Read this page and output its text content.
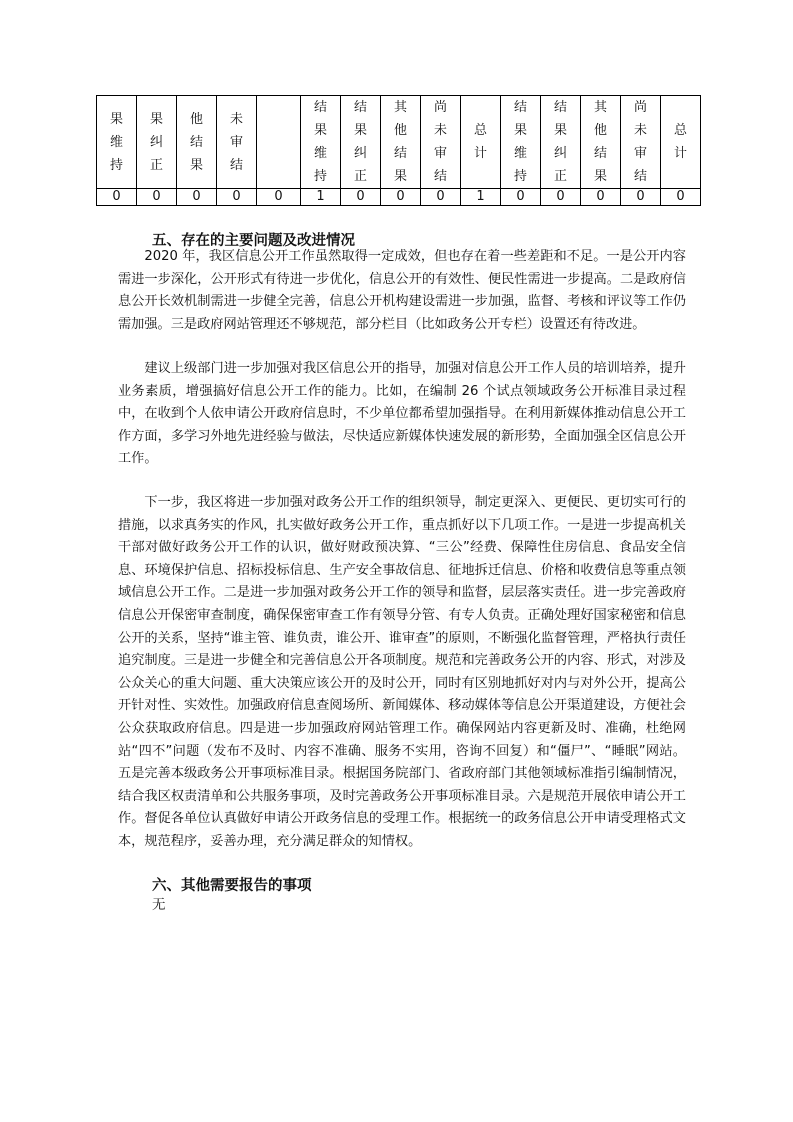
果维持	果纠正	他结果	未审结		结果维持	结果纠正	其他结果	尚未审结	总计	结果维持	结果纠正	其他结果	尚未审结	总计
0	0	0	0	0	1	0	0	0	1	0	0	0	0	0
五、存在的主要问题及改进情况

2020 年，我区信息公开工作虽然取得一定成效，但也存在着一些差距和不足。一是公开内容需进一步深化，公开形式有待进一步优化，信息公开的有效性、便民性需进一步提高。二是政府信息公开长效机制需进一步健全完善，信息公开机构建设需进一步加强，监督、考核和评议等工作仍需加强。三是政府网站管理还不够规范，部分栏目（比如政务公开专栏）设置还有待改进。

建议上级部门进一步加强对我区信息公开的指导，加强对信息公开工作人员的培训培养，提升业务素质，增强搞好信息公开工作的能力。比如，在编制 26 个试点领域政务公开标准目录过程中，在收到个人依申请公开政府信息时，不少单位都希望加强指导。在利用新媒体推动信息公开工作方面，多学习外地先进经验与做法，尽快适应新媒体快速发展的新形势，全面加强全区信息公开工作。

下一步，我区将进一步加强对政务公开工作的组织领导，制定更深入、更便民、更切实可行的措施，以求真务实的作风，扎实做好政务公开工作，重点抓好以下几项工作。一是进一步提高机关干部对做好政务公开工作的认识，做好财政预决算、“三公”经费、保障性住房信息、食品安全信息、环境保护信息、招标投标信息、生产安全事故信息、征地拆迁信息、价格和收费信息等重点领域信息公开工作。二是进一步加强对政务公开工作的领导和监督，层层落实责任。进一步完善政府信息公开保密审查制度，确保保密审查工作有领导分管、有专人负责。正确处理好国家秘密和信息公开的关系，坚持“谁主管、谁负责，谁公开、谁审查”的原则，不断强化监督管理，严格执行责任追究制度。三是进一步健全和完善信息公开各项制度。规范和完善政务公开的内容、形式，对涉及公众关心的重大问题、重大决策应该公开的及时公开，同时有区别地抓好对内与对外公开，提高公开针对性、实效性。加强政府信息查阅场所、新闻媒体、移动媒体等信息公开渠道建设，方便社会公众获取政府信息。四是进一步加强政府网站管理工作。确保网站内容更新及时、准确，杜绝网站“四不”问题（发布不及时、内容不准确、服务不实用，咨询不回复）和“僵尸”、“睡眠”网站。五是完善本级政务公开事项标准目录。根据国务院部门、省政府部门其他领域标准指引编制情况，结合我区权责清单和公共服务事项，及时完善政务公开事项标准目录。六是规范开展依申请公开工作。督促各单位认真做好申请公开政务信息的受理工作。根据统一的政务信息公开申请受理格式文本，规范程序，妥善办理，充分满足群众的知情权。

六、其他需要报告的事项
无
